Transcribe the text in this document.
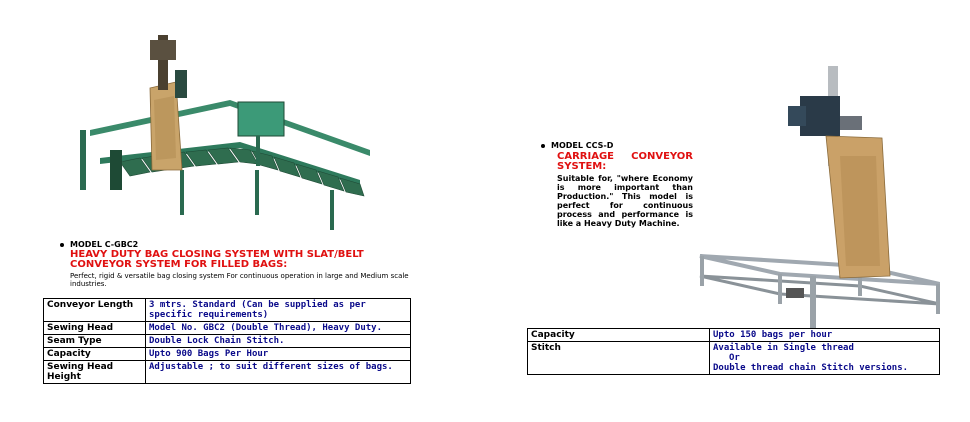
MODEL C-GBC2
HEAVY DUTY BAG CLOSING SYSTEM WITH SLAT/BELT CONVEYOR SYSTEM FOR FILLED BAGS:
Perfect, rigid & versatile bag closing system For continuous operation in large and Medium scale industries.
Conveyor Length	3 mtrs. Standard (Can be supplied as per specific requirements)
Sewing Head	Model No. GBC2 (Double Thread), Heavy Duty.
Seam Type	Double Lock Chain Stitch.
Capacity	Upto 900 Bags Per Hour
Sewing Head Height	Adjustable ; to suit different sizes of bags.
MODEL CCS-D
CARRIAGE CONVEYOR SYSTEM:
Suitable for, "where Economy is more important than Production." This model is perfect for continuous process and performance is like a Heavy Duty Machine.
Capacity	Upto 150 bags per hour
Stitch	Available in Single thread
Or
Double thread chain Stitch versions.
